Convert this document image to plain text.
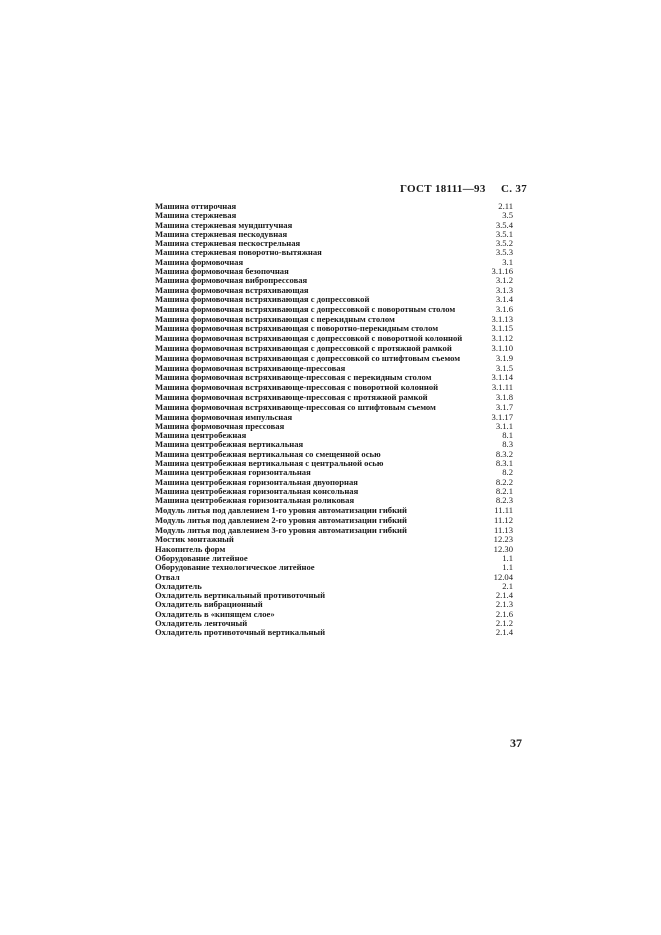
ГОСТ 18111—93 С. 37
Машина оттирочная	2.11
Машина стержневая	3.5
Машина стержневая мундштучная	3.5.4
Машина стержневая пескодувная	3.5.1
Машина стержневая пескострельная	3.5.2
Машина стержневая поворотно-вытяжная	3.5.3
Машина формовочная	3.1
Машина формовочная безопочная	3.1.16
Машина формовочная вибропрессовая	3.1.2
Машина формовочная встряхивающая	3.1.3
Машина формовочная встряхивающая с допрессовкой	3.1.4
Машина формовочная встряхивающая с допрессовкой с поворотным столом	3.1.6
Машина формовочная встряхивающая с перекидным столом	3.1.13
Машина формовочная встряхивающая с поворотно-перекидным столом	3.1.15
Машина формовочная встряхивающая с допрессовкой с поворотной колонной	3.1.12
Машина формовочная встряхивающая с допрессовкой с протяжной рамкой	3.1.10
Машина формовочная встряхивающая с допрессовкой со штифтовым съемом	3.1.9
Машина формовочная встряхивающе-прессовая	3.1.5
Машина формовочная встряхивающе-прессовая с перекидным столом	3.1.14
Машина формовочная встряхивающе-прессовая с поворотной колонной	3.1.11
Машина формовочная встряхивающе-прессовая с протяжной рамкой	3.1.8
Машина формовочная встряхивающе-прессовая со штифтовым съемом	3.1.7
Машина формовочная импульсная	3.1.17
Машина формовочная прессовая	3.1.1
Машина центробежная	8.1
Машина центробежная вертикальная	8.3
Машина центробежная вертикальная со смещенной осью	8.3.2
Машина центробежная вертикальная с центральной осью	8.3.1
Машина центробежная горизонтальная	8.2
Машина центробежная горизонтальная двуопорная	8.2.2
Машина центробежная горизонтальная консольная	8.2.1
Машина центробежная горизонтальная роликовая	8.2.3
Модуль литья под давлением 1-го уровня автоматизации гибкий	11.11
Модуль литья под давлением 2-го уровня автоматизации гибкий	11.12
Модуль литья под давлением 3-го уровня автоматизации гибкий	11.13
Мостик монтажный	12.23
Накопитель форм	12.30
Оборудование литейное	1.1
Оборудование технологическое литейное	1.1
Отвал	12.04
Охладитель	2.1
Охладитель вертикальный противоточный	2.1.4
Охладитель вибрационный	2.1.3
Охладитель в «кипящем слое»	2.1.6
Охладитель ленточный	2.1.2
Охладитель противоточный вертикальный	2.1.4
37
